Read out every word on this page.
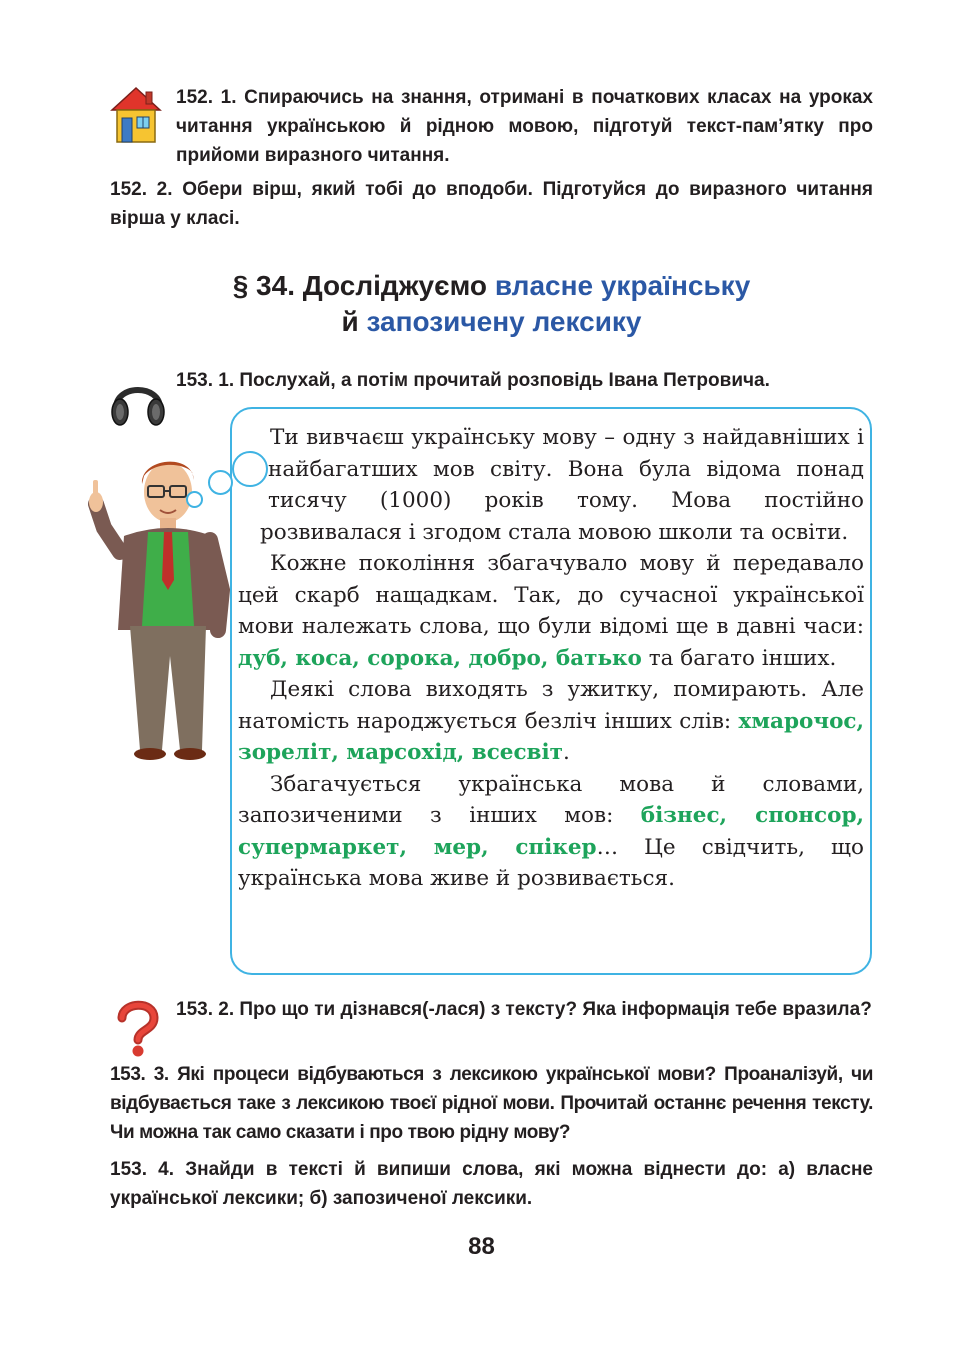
152. 1. Спираючись на знання, отримані в початкових класах на уроках читання українською й рідною мовою, підготуй текст-пам’ятку про прийоми виразного читання.

152. 2. Обери вірш, який тобі до вподоби. Підготуйся до виразного читання вірша у класі.

§ 34. Досліджуємо власне українську
й запозичену лексику

153. 1. Послухай, а потім прочитай розповідь Івана Петровича.

Ти вивчаєш українську мову – одну з найдавніших і найбагатших мов світу. Вона була відома понад тисячу (1000) років тому. Мова постійно розвивалася і згодом стала мовою школи та освіти.

Кожне покоління збагачувало мову й передавало цей скарб нащадкам. Так, до сучасної української мови належать слова, що були відомі ще в давні часи: дуб, коса, сорока, добро, батько та багато інших.

Деякі слова виходять з ужитку, помирають. Але натомість народжується безліч інших слів: хмарочос, зореліт, марсохід, всесвіт.

Збагачується українська мова й словами, запозиченими з інших мов: бізнес, спонсор, супермаркет, мер, спікер… Це свідчить, що українська мова живе й розвивається.

153. 2. Про що ти дізнався(-лася) з тексту? Яка інформація тебе вразила?

153. 3. Які процеси відбуваються з лексикою української мови? Проаналізуй, чи відбувається таке з лексикою твоєї рідної мови. Прочитай останнє речення тексту. Чи можна так само сказати і про твою рідну мову?

153. 4. Знайди в тексті й випиши слова, які можна віднести до: а) власне української лексики; б) запозиченої лексики.

88
